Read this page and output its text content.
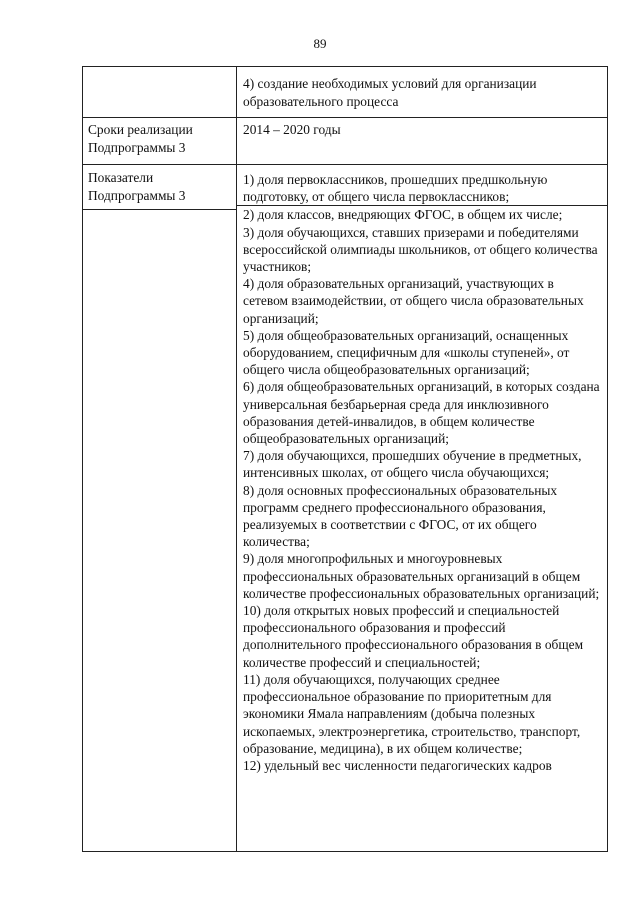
89
4) создание необходимых условий для организации образовательного процесса
Сроки реализации Подпрограммы 3
2014 – 2020 годы
Показатели Подпрограммы 3

1) доля первоклассников, прошедших предшкольную подготовку, от общего числа первоклассников;

2) доля классов, внедряющих ФГОС, в общем их числе;

3) доля обучающихся, ставших призерами и победителями всероссийской олимпиады школьников, от общего количества участников;

4) доля образовательных организаций, участвующих в сетевом взаимодействии, от общего числа образовательных организаций;

5) доля общеобразовательных организаций, оснащенных оборудованием, специфичным для «школы ступеней», от общего числа общеобразовательных организаций;

6) доля общеобразовательных организаций, в которых создана универсальная безбарьерная среда для инклюзивного образования детей-инвалидов, в общем количестве общеобразовательных организаций;

7) доля обучающихся, прошедших обучение в предметных, интенсивных школах, от общего числа обучающихся;

8) доля основных профессиональных образовательных программ среднего профессионального образования, реализуемых в соответствии с ФГОС, от их общего количества;

9) доля многопрофильных и многоуровневых профессиональных образовательных организаций в общем количестве профессиональных образовательных организаций;

10) доля открытых новых профессий и специальностей профессионального образования и профессий дополнительного профессионального образования в общем количестве профессий и специальностей;

11) доля обучающихся, получающих среднее профессиональное образование по приоритетным для экономики Ямала направлениям (добыча полезных ископаемых, электроэнергетика, строительство, транспорт, образование, медицина), в их общем количестве;

12) удельный вес численности педагогических кадров
